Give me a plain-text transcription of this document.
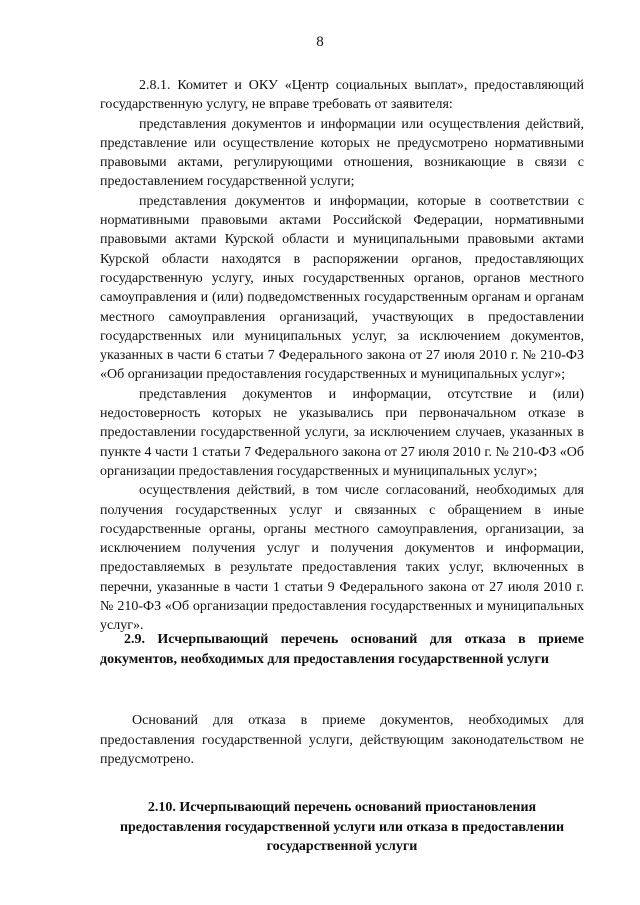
8

2.8.1. Комитет и ОКУ «Центр социальных выплат», предоставляющий государственную услугу, не вправе требовать от заявителя:

представления документов и информации или осуществления действий, представление или осуществление которых не предусмотрено нормативными правовыми актами, регулирующими отношения, возникающие в связи с предоставлением государственной услуги;

представления документов и информации, которые в соответствии с нормативными правовыми актами Российской Федерации, нормативными правовыми актами Курской области и муниципальными правовыми актами Курской области находятся в распоряжении органов, предоставляющих государственную услугу, иных государственных органов, органов местного самоуправления и (или) подведомственных государственным органам и органам местного самоуправления организаций, участвующих в предоставлении государственных или муниципальных услуг, за исключением документов, указанных в части 6 статьи 7 Федерального закона от 27 июля 2010 г. № 210-ФЗ «Об организации предоставления государственных и муниципальных услуг»;

представления документов и информации, отсутствие и (или) недостоверность которых не указывались при первоначальном отказе в предоставлении государственной услуги, за исключением случаев, указанных в пункте 4 части 1 статьи 7 Федерального закона от 27 июля 2010 г. № 210-ФЗ «Об организации предоставления государственных и муниципальных услуг»;

осуществления действий, в том числе согласований, необходимых для получения государственных услуг и связанных с обращением в иные государственные органы, органы местного самоуправления, организации, за исключением получения услуг и получения документов и информации, предоставляемых в результате предоставления таких услуг, включенных в перечни, указанные в части 1 статьи 9 Федерального закона от 27 июля 2010 г. № 210-ФЗ «Об организации предоставления государственных и муниципальных услуг».

2.9. Исчерпывающий перечень оснований для отказа в приеме документов, необходимых для предоставления государственной услуги

Оснований для отказа в приеме документов, необходимых для предоставления государственной услуги, действующим законодательством не предусмотрено.

2.10. Исчерпывающий перечень оснований приостановления предоставления государственной услуги или отказа в предоставлении государственной услуги
